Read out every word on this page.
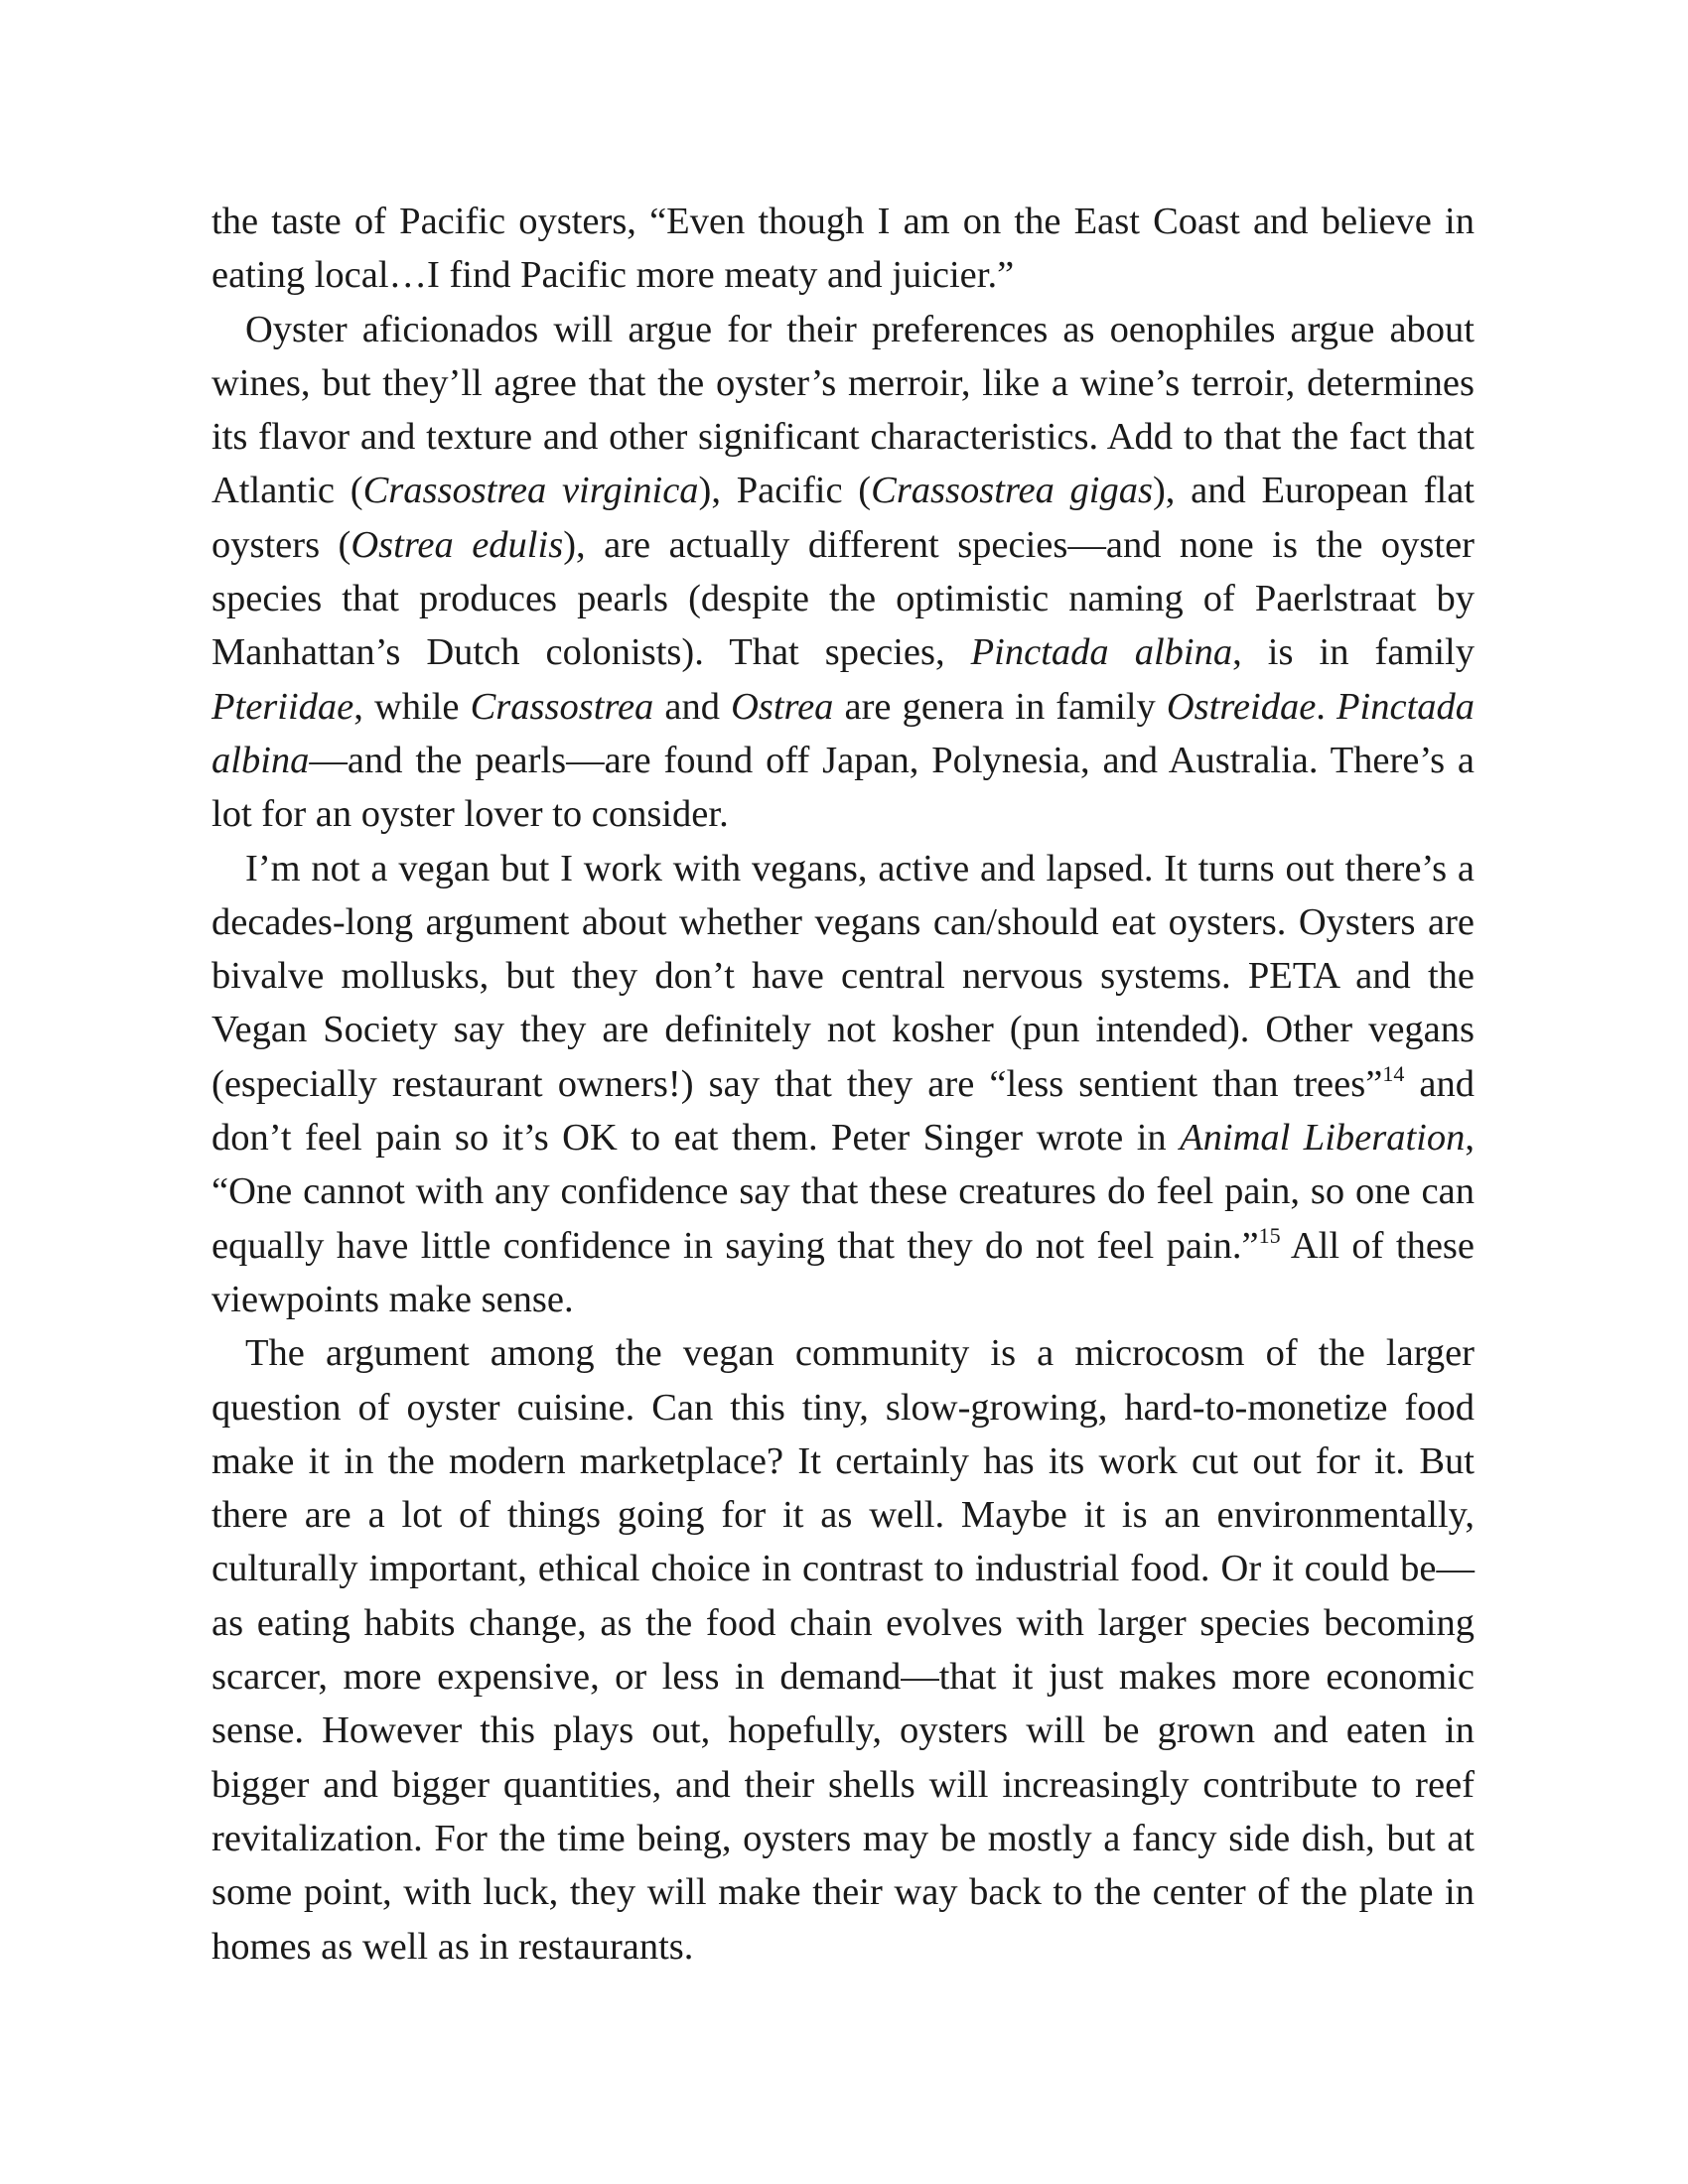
the taste of Pacific oysters, “Even though I am on the East Coast and believe in eating local…I find Pacific more meaty and juicier.”

Oyster aficionados will argue for their preferences as oenophiles argue about wines, but they’ll agree that the oyster’s merroir, like a wine’s terroir, determines its flavor and texture and other significant characteristics. Add to that the fact that Atlantic (Crassostrea virginica), Pacific (Crassostrea gigas), and European flat oysters (Ostrea edulis), are actually different species—and none is the oyster species that produces pearls (despite the optimistic naming of Paerlstraat by Manhattan’s Dutch colonists). That species, Pinctada albina, is in family Pteriidae, while Crassostrea and Ostrea are genera in family Ostreidae. Pinctada albina—and the pearls—are found off Japan, Polynesia, and Australia. There’s a lot for an oyster lover to consider.

I’m not a vegan but I work with vegans, active and lapsed. It turns out there’s a decades-long argument about whether vegans can/should eat oysters. Oysters are bivalve mollusks, but they don’t have central nervous systems. PETA and the Vegan Society say they are definitely not kosher (pun intended). Other vegans (especially restaurant owners!) say that they are “less sentient than trees”$^{14}$ and don’t feel pain so it’s OK to eat them. Peter Singer wrote in Animal Liberation, “One cannot with any confidence say that these creatures do feel pain, so one can equally have little confidence in saying that they do not feel pain.”$^{15}$ All of these viewpoints make sense.

The argument among the vegan community is a microcosm of the larger question of oyster cuisine. Can this tiny, slow-growing, hard-to-monetize food make it in the modern marketplace? It certainly has its work cut out for it. But there are a lot of things going for it as well. Maybe it is an environmentally, culturally important, ethical choice in contrast to industrial food. Or it could be—as eating habits change, as the food chain evolves with larger species becoming scarcer, more expensive, or less in demand—that it just makes more economic sense. However this plays out, hopefully, oysters will be grown and eaten in bigger and bigger quantities, and their shells will increasingly contribute to reef revitalization. For the time being, oysters may be mostly a fancy side dish, but at some point, with luck, they will make their way back to the center of the plate in homes as well as in restaurants.
